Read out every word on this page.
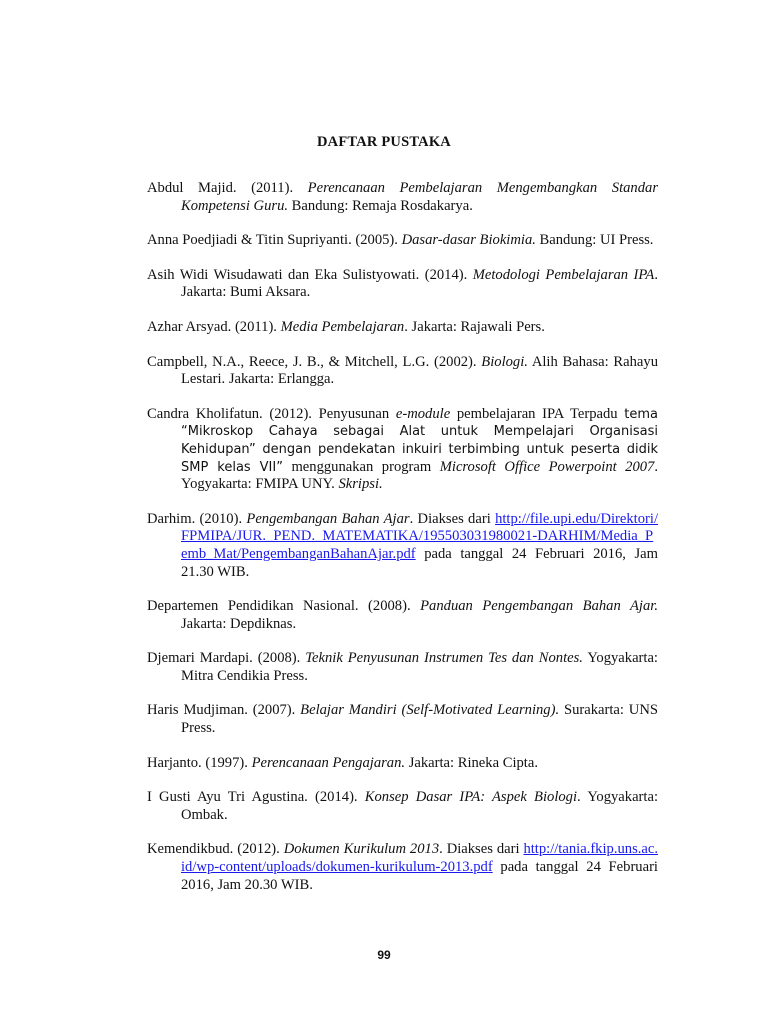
DAFTAR PUSTAKA

Abdul Majid. (2011). Perencanaan Pembelajaran Mengembangkan Standar Kompetensi Guru. Bandung: Remaja Rosdakarya.

Anna Poedjiadi & Titin Supriyanti. (2005). Dasar-dasar Biokimia. Bandung: UI Press.

Asih Widi Wisudawati dan Eka Sulistyowati. (2014). Metodologi Pembelajaran IPA. Jakarta: Bumi Aksara.

Azhar Arsyad. (2011). Media Pembelajaran. Jakarta: Rajawali Pers.

Campbell, N.A., Reece, J. B., & Mitchell, L.G. (2002). Biologi. Alih Bahasa: Rahayu Lestari. Jakarta: Erlangga.

Candra Kholifatun. (2012). Penyusunan e-module pembelajaran IPA Terpadu tema “Mikroskop Cahaya sebagai Alat untuk Mempelajari Organisasi Kehidupan” dengan pendekatan inkuiri terbimbing untuk peserta didik SMP kelas VII” menggunakan program Microsoft Office Powerpoint 2007. Yogyakarta: FMIPA UNY. Skripsi.

Darhim. (2010). Pengembangan Bahan Ajar. Diakses dari http://file.upi.edu/Direktori/FPMIPA/JUR._PEND._MATEMATIKA/195503031980021-DARHIM/Media_Pemb_Mat/PengembanganBahanAjar.pdf pada tanggal 24 Februari 2016, Jam 21.30 WIB.

Departemen Pendidikan Nasional. (2008). Panduan Pengembangan Bahan Ajar. Jakarta: Depdiknas.

Djemari Mardapi. (2008). Teknik Penyusunan Instrumen Tes dan Nontes. Yogyakarta: Mitra Cendikia Press.

Haris Mudjiman. (2007). Belajar Mandiri (Self-Motivated Learning). Surakarta: UNS Press.

Harjanto. (1997). Perencanaan Pengajaran. Jakarta: Rineka Cipta.

I Gusti Ayu Tri Agustina. (2014). Konsep Dasar IPA: Aspek Biologi. Yogyakarta: Ombak.

Kemendikbud. (2012). Dokumen Kurikulum 2013. Diakses dari http://tania.fkip.uns.ac.id/wp-content/uploads/dokumen-kurikulum-2013.pdf pada tanggal 24 Februari 2016, Jam 20.30 WIB.

99
